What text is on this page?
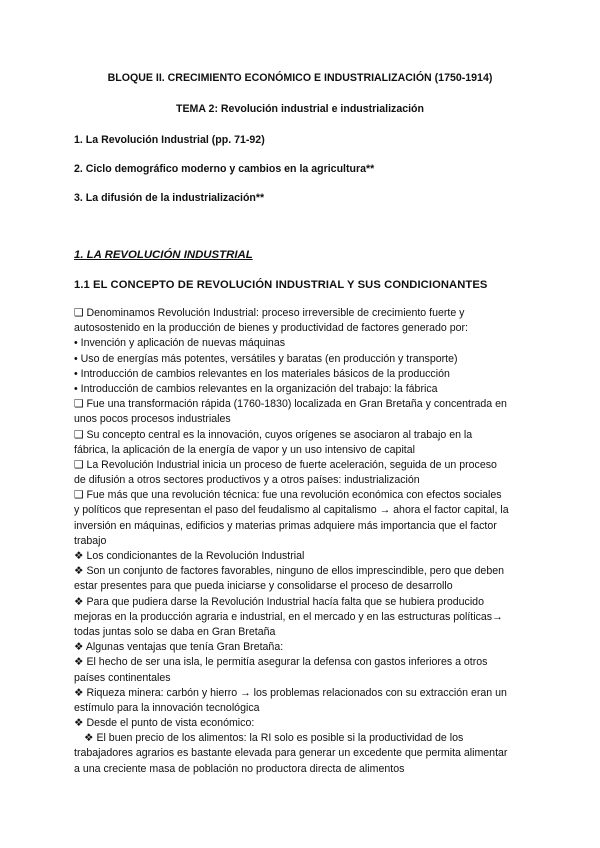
BLOQUE II. CRECIMIENTO ECONÓMICO E INDUSTRIALIZACIÓN (1750-1914)
TEMA 2: Revolución industrial e industrialización
1. La Revolución Industrial (pp. 71-92)
2. Ciclo demográfico moderno y cambios en la agricultura**
3. La difusión de la industrialización**
1. LA REVOLUCIÓN INDUSTRIAL
1.1 EL CONCEPTO DE REVOLUCIÓN INDUSTRIAL Y SUS CONDICIONANTES
❑ Denominamos Revolución Industrial: proceso irreversible de crecimiento fuerte y
autosostenido en la producción de bienes y productividad de factores generado por:
• Invención y aplicación de nuevas máquinas
• Uso de energías más potentes, versátiles y baratas (en producción y transporte)
• Introducción de cambios relevantes en los materiales básicos de la producción
• Introducción de cambios relevantes en la organización del trabajo: la fábrica
❑ Fue una transformación rápida (1760-1830) localizada en Gran Bretaña y concentrada en
unos pocos procesos industriales
❑ Su concepto central es la innovación, cuyos orígenes se asociaron al trabajo en la
fábrica, la aplicación de la energía de vapor y un uso intensivo de capital
❑ La Revolución Industrial inicia un proceso de fuerte aceleración, seguida de un proceso
de difusión a otros sectores productivos y a otros países: industrialización
❑ Fue más que una revolución técnica: fue una revolución económica con efectos sociales
y políticos que representan el paso del feudalismo al capitalismo → ahora el factor capital, la
inversión en máquinas, edificios y materias primas adquiere más importancia que el factor
trabajo
❖ Los condicionantes de la Revolución Industrial
❖ Son un conjunto de factores favorables, ninguno de ellos imprescindible, pero que deben
estar presentes para que pueda iniciarse y consolidarse el proceso de desarrollo
❖ Para que pudiera darse la Revolución Industrial hacía falta que se hubiera producido
mejoras en la producción agraria e industrial, en el mercado y en las estructuras políticas→
todas juntas solo se daba en Gran Bretaña
❖ Algunas ventajas que tenía Gran Bretaña:
❖ El hecho de ser una isla, le permitía asegurar la defensa con gastos inferiores a otros
países continentales
❖ Riqueza minera: carbón y hierro → los problemas relacionados con su extracción eran un
estímulo para la innovación tecnológica
❖ Desde el punto de vista económico:
❖ El buen precio de los alimentos: la RI solo es posible si la productividad de los
trabajadores agrarios es bastante elevada para generar un excedente que permita alimentar
a una creciente masa de población no productora directa de alimentos
